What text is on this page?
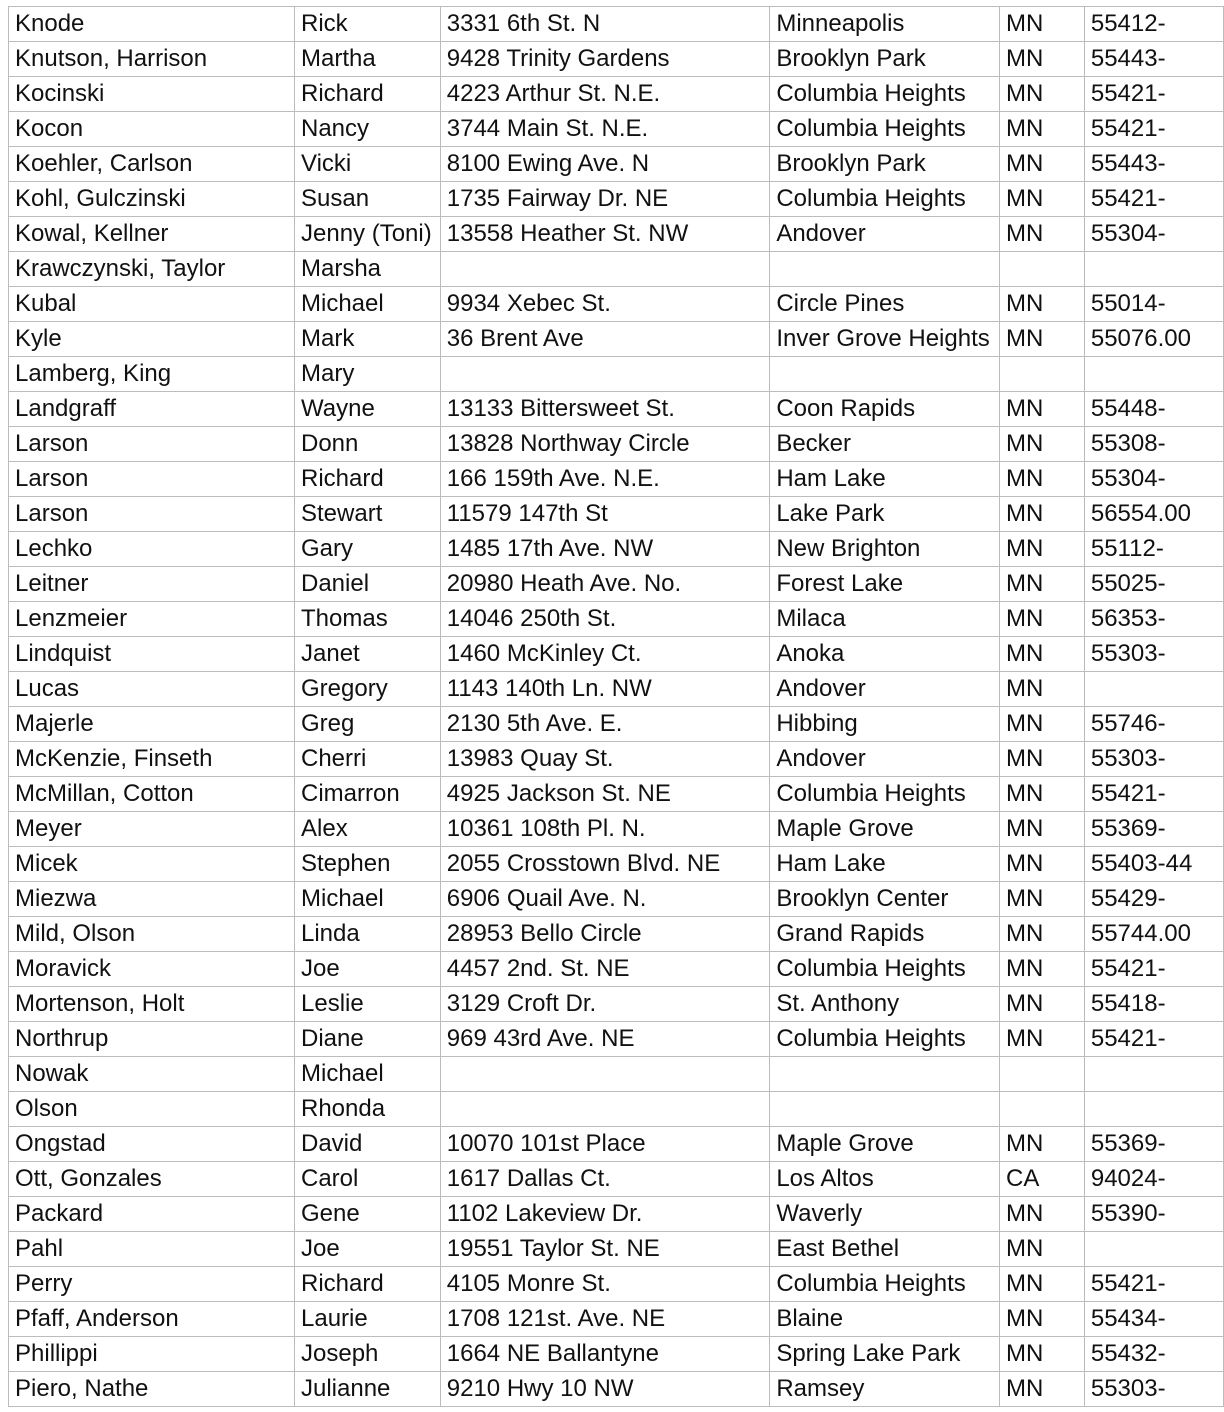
Knode	Rick	3331 6th St. N	Minneapolis	MN	55412-
Knutson, Harrison	Martha	9428 Trinity Gardens	Brooklyn Park	MN	55443-
Kocinski	Richard	4223 Arthur St. N.E.	Columbia Heights	MN	55421-
Kocon	Nancy	3744 Main St. N.E.	Columbia Heights	MN	55421-
Koehler, Carlson	Vicki	8100 Ewing Ave. N	Brooklyn Park	MN	55443-
Kohl, Gulczinski	Susan	1735 Fairway Dr. NE	Columbia Heights	MN	55421-
Kowal, Kellner	Jenny (Toni)	13558 Heather St. NW	Andover	MN	55304-
Krawczynski, Taylor	Marsha				
Kubal	Michael	9934 Xebec St.	Circle Pines	MN	55014-
Kyle	Mark	36 Brent Ave	Inver Grove Heights	MN	55076.00
Lamberg, King	Mary				
Landgraff	Wayne	13133 Bittersweet St.	Coon Rapids	MN	55448-
Larson	Donn	13828 Northway Circle	Becker	MN	55308-
Larson	Richard	166 159th Ave. N.E.	Ham Lake	MN	55304-
Larson	Stewart	11579 147th St	Lake Park	MN	56554.00
Lechko	Gary	1485 17th Ave. NW	New Brighton	MN	55112-
Leitner	Daniel	20980 Heath Ave. No.	Forest Lake	MN	55025-
Lenzmeier	Thomas	14046 250th St.	Milaca	MN	56353-
Lindquist	Janet	1460 McKinley Ct.	Anoka	MN	55303-
Lucas	Gregory	1143 140th Ln. NW	Andover	MN	
Majerle	Greg	2130 5th Ave. E.	Hibbing	MN	55746-
McKenzie, Finseth	Cherri	13983 Quay St.	Andover	MN	55303-
McMillan, Cotton	Cimarron	4925 Jackson St. NE	Columbia Heights	MN	55421-
Meyer	Alex	10361 108th Pl. N.	Maple Grove	MN	55369-
Micek	Stephen	2055 Crosstown Blvd. NE	Ham Lake	MN	55403-44
Miezwa	Michael	6906 Quail Ave. N.	Brooklyn Center	MN	55429-
Mild, Olson	Linda	28953 Bello Circle	Grand Rapids	MN	55744.00
Moravick	Joe	4457 2nd. St. NE	Columbia Heights	MN	55421-
Mortenson, Holt	Leslie	3129 Croft Dr.	St. Anthony	MN	55418-
Northrup	Diane	969 43rd Ave. NE	Columbia Heights	MN	55421-
Nowak	Michael				
Olson	Rhonda				
Ongstad	David	10070 101st Place	Maple Grove	MN	55369-
Ott, Gonzales	Carol	1617 Dallas Ct.	Los Altos	CA	94024-
Packard	Gene	1102 Lakeview Dr.	Waverly	MN	55390-
Pahl	Joe	19551 Taylor St. NE	East Bethel	MN	
Perry	Richard	4105 Monre St.	Columbia Heights	MN	55421-
Pfaff, Anderson	Laurie	1708 121st. Ave. NE	Blaine	MN	55434-
Phillippi	Joseph	1664 NE Ballantyne	Spring Lake Park	MN	55432-
Piero, Nathe	Julianne	9210 Hwy 10 NW	Ramsey	MN	55303-
